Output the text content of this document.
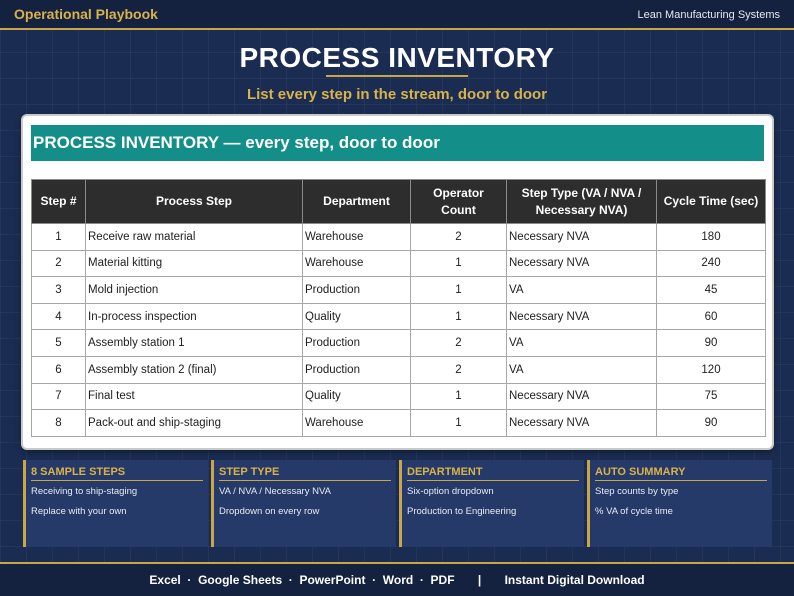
Operational Playbook	Lean Manufacturing Systems
PROCESS INVENTORY
List every step in the stream, door to door
PROCESS INVENTORY — every step, door to door
Step #	Process Step	Department	Operator Count	Step Type (VA / NVA / Necessary NVA)	Cycle Time (sec)
1	Receive raw material	Warehouse	2	Necessary NVA	180
2	Material kitting	Warehouse	1	Necessary NVA	240
3	Mold injection	Production	1	VA	45
4	In-process inspection	Quality	1	Necessary NVA	60
5	Assembly station 1	Production	2	VA	90
6	Assembly station 2 (final)	Production	2	VA	120
7	Final test	Quality	1	Necessary NVA	75
8	Pack-out and ship-staging	Warehouse	1	Necessary NVA	90
8 SAMPLE STEPS
Receiving to ship-staging
Replace with your own
STEP TYPE
VA / NVA / Necessary NVA
Dropdown on every row
DEPARTMENT
Six-option dropdown
Production to Engineering
AUTO SUMMARY
Step counts by type
% VA of cycle time
Excel  ·  Google Sheets  ·  PowerPoint  ·  Word  ·  PDF       |       Instant Digital Download
